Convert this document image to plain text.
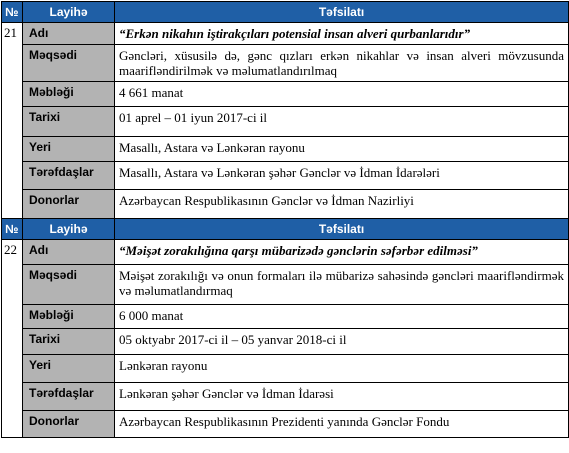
№	Layihə	Təfsilatı
21	Adı	“Erkən nikahın iştirakçıları potensial insan alveri qurbanlarıdır”
	Məqsədi	Gəncləri, xüsusilə də, gənc qızları erkən nikahlar və insan alveri mövzusunda maarifləndirilmək və məlumatlandırılmaq
	Məbləği	4 661 manat
	Tarixi	01 aprel – 01 iyun 2017-ci il
	Yeri	Masallı, Astara və Lənkəran rayonu
	Tərəfdaşlar	Masallı, Astara və Lənkəran şəhər Gənclər və İdman İdarələri
	Donorlar	Azərbaycan Respublikasının Gənclər və İdman Nazirliyi
№	Layihə	Təfsilatı
22	Adı	“Məişət zorakılığına qarşı mübarizədə gənclərin səfərbər edilməsi”
	Məqsədi	Məişət zorakılığı və onun formaları ilə mübarizə sahəsində gəncləri maarifləndirmək və məlumatlandırmaq
	Məbləği	6 000 manat
	Tarixi	05 oktyabr 2017-ci il – 05 yanvar 2018-ci il
	Yeri	Lənkəran rayonu
	Tərəfdaşlar	Lənkəran şəhər Gənclər və İdman İdarəsi
	Donorlar	Azərbaycan Respublikasının Prezidenti yanında Gənclər Fondu
